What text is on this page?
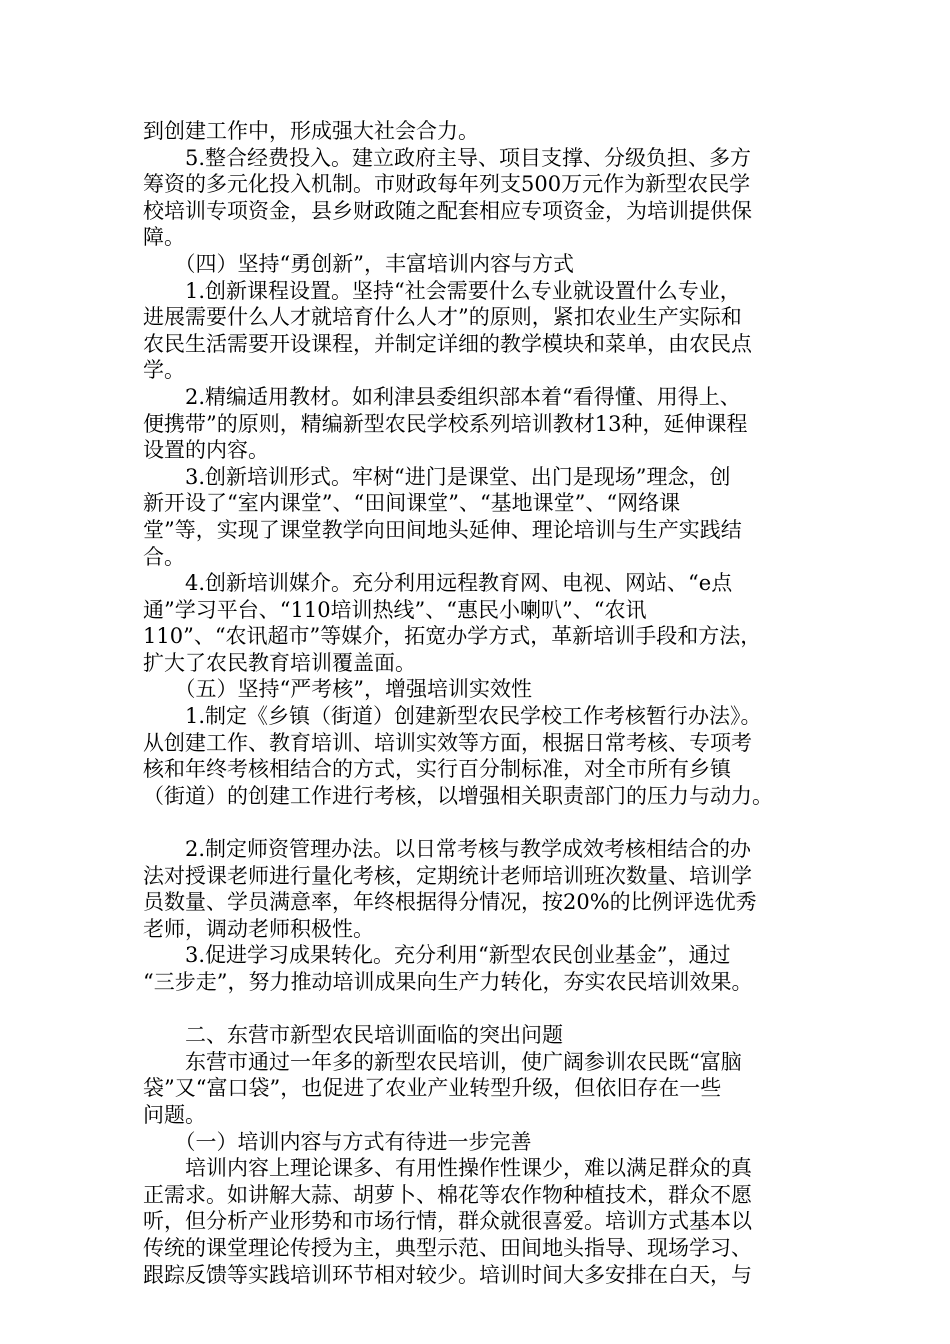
到创建工作中，形成强大社会合力。
　　5.整合经费投入。建立政府主导、项目支撑、分级负担、多方
筹资的多元化投入机制。市财政每年列支500万元作为新型农民学
校培训专项资金，县乡财政随之配套相应专项资金，为培训提供保
障。
　　（四）坚持“勇创新”，丰富培训内容与方式
　　1.创新课程设置。坚持“社会需要什么专业就设置什么专业，
进展需要什么人才就培育什么人才”的原则，紧扣农业生产实际和
农民生活需要开设课程，并制定详细的教学模块和菜单，由农民点
学。
　　2.精编适用教材。如利津县委组织部本着“看得懂、用得上、
便携带”的原则，精编新型农民学校系列培训教材13种，延伸课程
设置的内容。
　　3.创新培训形式。牢树“进门是课堂、出门是现场”理念，创
新开设了“室内课堂”、“田间课堂”、“基地课堂”、“网络课
堂”等，实现了课堂教学向田间地头延伸、理论培训与生产实践结
合。
　　4.创新培训媒介。充分利用远程教育网、电视、网站、“e点
通”学习平台、“110培训热线”、“惠民小喇叭”、“农讯
110”、“农讯超市”等媒介，拓宽办学方式，革新培训手段和方法，
扩大了农民教育培训覆盖面。
　　（五）坚持“严考核”，增强培训实效性
　　1.制定《乡镇（街道）创建新型农民学校工作考核暂行办法》。
从创建工作、教育培训、培训实效等方面，根据日常考核、专项考
核和年终考核相结合的方式，实行百分制标准，对全市所有乡镇
（街道）的创建工作进行考核，以增强相关职责部门的压力与动力。
　　2.制定师资管理办法。以日常考核与教学成效考核相结合的办
法对授课老师进行量化考核，定期统计老师培训班次数量、培训学
员数量、学员满意率，年终根据得分情况，按20%的比例评选优秀
老师，调动老师积极性。
　　3.促进学习成果转化。充分利用“新型农民创业基金”，通过
“三步走”，努力推动培训成果向生产力转化，夯实农民培训效果。
　　二、东营市新型农民培训面临的突出问题
　　东营市通过一年多的新型农民培训，使广阔参训农民既“富脑
袋”又“富口袋”，也促进了农业产业转型升级，但依旧存在一些
问题。
　　（一）培训内容与方式有待进一步完善
　　培训内容上理论课多、有用性操作性课少，难以满足群众的真
正需求。如讲解大蒜、胡萝卜、棉花等农作物种植技术，群众不愿
听，但分析产业形势和市场行情，群众就很喜爱。培训方式基本以
传统的课堂理论传授为主，典型示范、田间地头指导、现场学习、
跟踪反馈等实践培训环节相对较少。培训时间大多安排在白天，与
